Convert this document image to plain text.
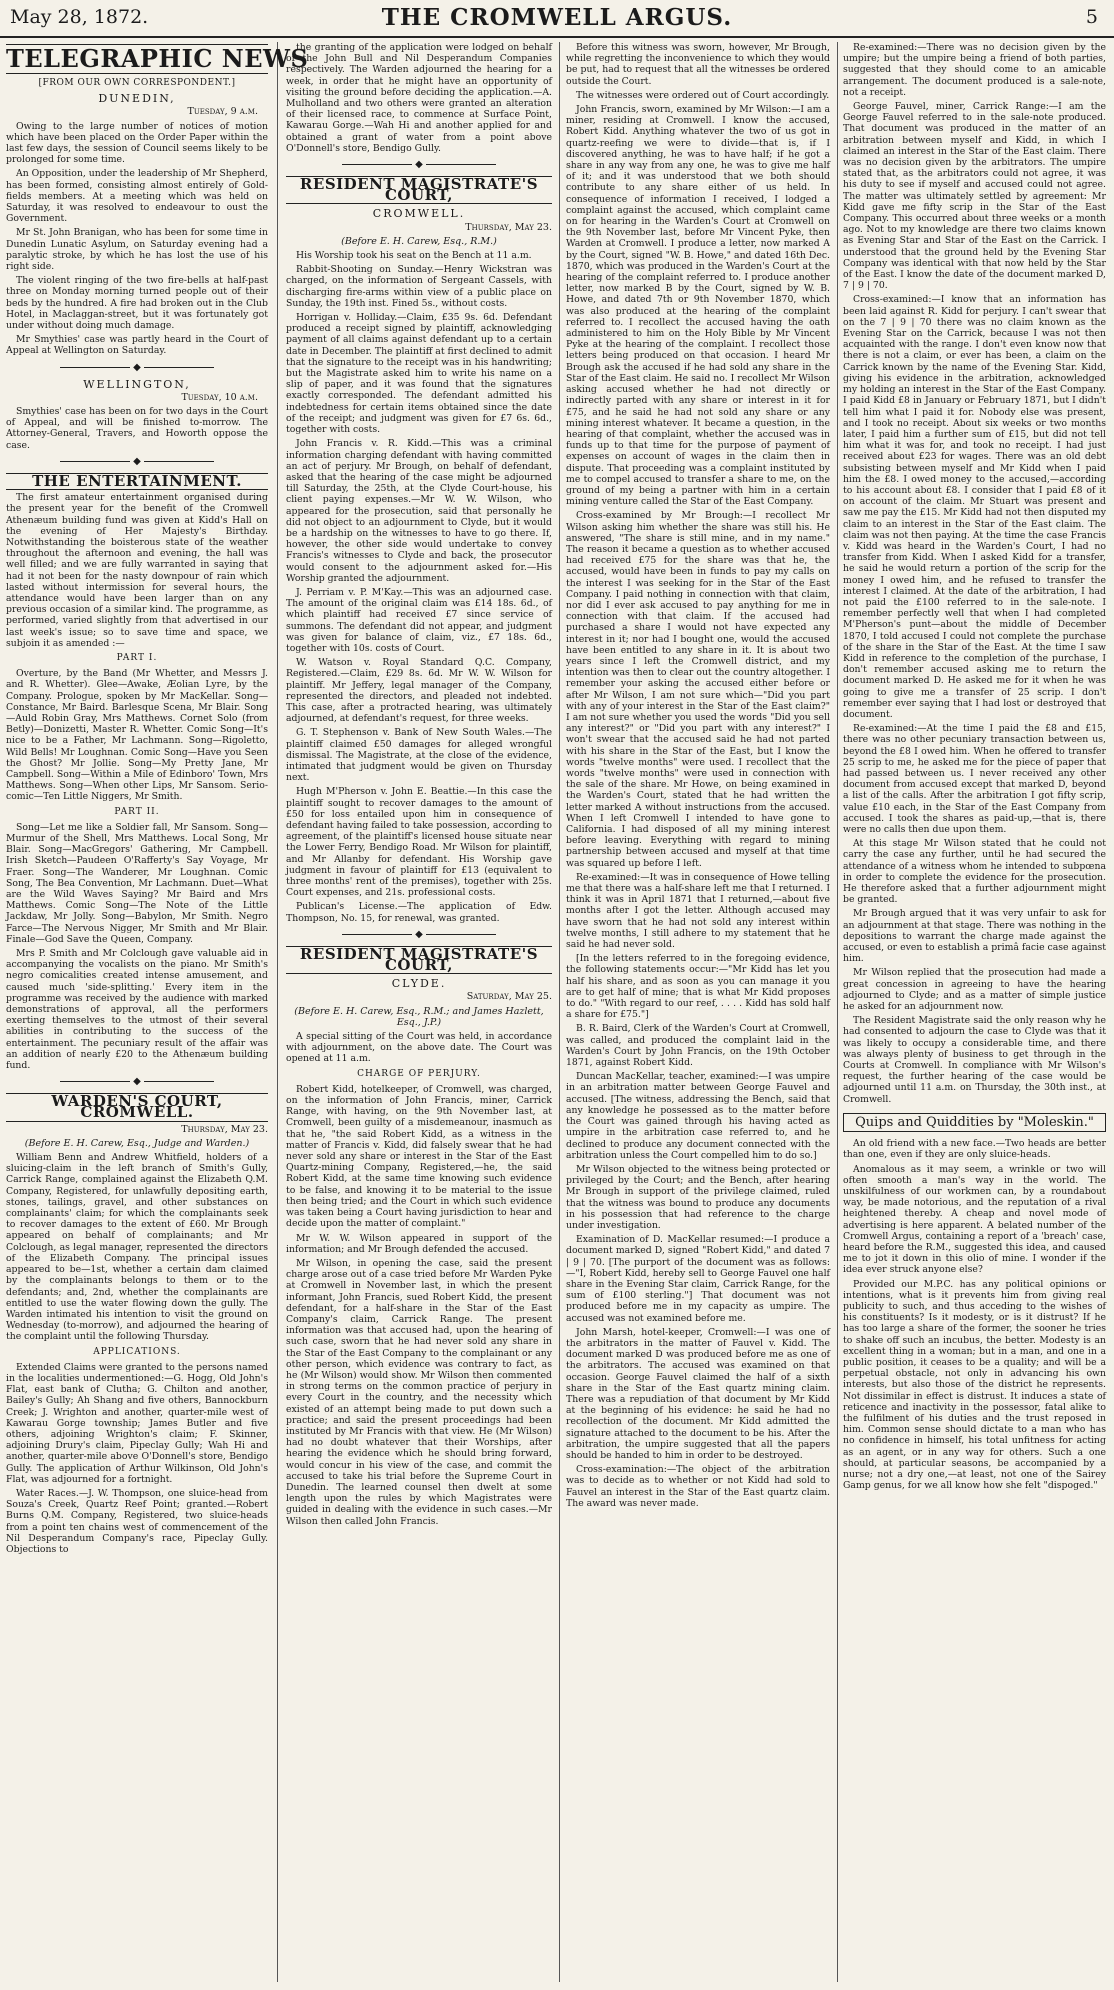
May 28, 1872.	THE CROMWELL ARGUS.	5
TELEGRAPHIC NEWS
[FROM OUR OWN CORRESPONDENT.]
DUNEDIN,
Tuesday, 9 a.m.

Owing to the large number of notices of motion which have been placed on the Order Paper within the last few days, the session of Council seems likely to be prolonged for some time.

An Opposition, under the leadership of Mr Shepherd, has been formed, consisting almost entirely of Gold-fields members. At a meeting which was held on Saturday, it was resolved to endeavour to oust the Government.

Mr St. John Branigan, who has been for some time in Dunedin Lunatic Asylum, on Saturday evening had a paralytic stroke, by which he has lost the use of his right side.

The violent ringing of the two fire-bells at half-past three on Monday morning turned people out of their beds by the hundred. A fire had broken out in the Club Hotel, in Maclaggan-street, but it was fortunately got under without doing much damage.

Mr Smythies' case was partly heard in the Court of Appeal at Wellington on Saturday.

◆
WELLINGTON,
Tuesday, 10 a.m.

Smythies' case has been on for two days in the Court of Appeal, and will be finished to-morrow. The Attorney-General, Travers, and Howorth oppose the case.

◆
THE ENTERTAINMENT.

The first amateur entertainment organised during the present year for the benefit of the Cromwell Athenæum building fund was given at Kidd's Hall on the evening of Her Majesty's Birthday. Notwithstanding the boisterous state of the weather throughout the afternoon and evening, the hall was well filled; and we are fully warranted in saying that had it not been for the nasty downpour of rain which lasted without intermission for several hours, the attendance would have been larger than on any previous occasion of a similar kind. The programme, as performed, varied slightly from that advertised in our last week's issue; so to save time and space, we subjoin it as amended :—

PART I.

Overture, by the Band (Mr Whetter, and Messrs J. and R. Whetter). Glee—Awake, Æolian Lyre, by the Company. Prologue, spoken by Mr MacKellar. Song—Constance, Mr Baird. Barlesque Scena, Mr Blair. Song—Auld Robin Gray, Mrs Matthews. Cornet Solo (from Betly)—Donizetti, Master R. Whetter. Comic Song—It's nice to be a Father, Mr Lachmann. Song—Rigoletto, Wild Bells! Mr Loughnan. Comic Song—Have you Seen the Ghost? Mr Jollie. Song—My Pretty Jane, Mr Campbell. Song—Within a Mile of Edinboro' Town, Mrs Matthews. Song—When other Lips, Mr Sansom. Serio-comic—Ten Little Niggers, Mr Smith.

PART II.

Song—Let me like a Soldier fall, Mr Sansom. Song—Murmur of the Shell, Mrs Matthews. Local Song, Mr Blair. Song—MacGregors' Gathering, Mr Campbell. Irish Sketch—Paudeen O'Rafferty's Say Voyage, Mr Fraer. Song—The Wanderer, Mr Loughnan. Comic Song, The Bea Convention, Mr Lachmann. Duet—What are the Wild Waves Saying? Mr Baird and Mrs Matthews. Comic Song—The Note of the Little Jackdaw, Mr Jolly. Song—Babylon, Mr Smith. Negro Farce—The Nervous Nigger, Mr Smith and Mr Blair. Finale—God Save the Queen, Company.

Mrs P. Smith and Mr Colclough gave valuable aid in accompanying the vocalists on the piano. Mr Smith's negro comicalities created intense amusement, and caused much 'side-splitting.' Every item in the programme was received by the audience with marked demonstrations of approval, all the performers exerting themselves to the utmost of their several abilities in contributing to the success of the entertainment. The pecuniary result of the affair was an addition of nearly £20 to the Athenæum building fund.

◆
WARDEN'S COURT, CROMWELL.
Thursday, May 23.
(Before E. H. Carew, Esq., Judge and Warden.)

William Benn and Andrew Whitfield, holders of a sluicing-claim in the left branch of Smith's Gully, Carrick Range, complained against the Elizabeth Q.M. Company, Registered, for unlawfully depositing earth, stones, tailings, gravel, and other substances on complainants' claim; for which the complainants seek to recover damages to the extent of £60. Mr Brough appeared on behalf of complainants; and Mr Colclough, as legal manager, represented the directors of the Elizabeth Company. The principal issues appeared to be—1st, whether a certain dam claimed by the complainants belongs to them or to the defendants; and, 2nd, whether the complainants are entitled to use the water flowing down the gully. The Warden intimated his intention to visit the ground on Wednesday (to-morrow), and adjourned the hearing of the complaint until the following Thursday.

APPLICATIONS.

Extended Claims were granted to the persons named in the localities undermentioned:—G. Hogg, Old John's Flat, east bank of Clutha; G. Chilton and another, Bailey's Gully; Ah Shang and five others, Bannockburn Creek; J. Wrighton and another, quarter-mile west of Kawarau Gorge township; James Butler and five others, adjoining Wrighton's claim; F. Skinner, adjoining Drury's claim, Pipeclay Gully; Wah Hi and another, quarter-mile above O'Donnell's store, Bendigo Gully. The application of Arthur Wilkinson, Old John's Flat, was adjourned for a fortnight.

Water Races.—J. W. Thompson, one sluice-head from Souza's Creek, Quartz Reef Point; granted.—Robert Burns Q.M. Company, Registered, two sluice-heads from a point ten chains west of commencement of the Nil Desperandum Company's race, Pipeclay Gully. Objections to

the granting of the application were lodged on behalf of the John Bull and Nil Desperandum Companies respectively. The Warden adjourned the hearing for a week, in order that he might have an opportunity of visiting the ground before deciding the application.—A. Mulholland and two others were granted an alteration of their licensed race, to commence at Surface Point, Kawarau Gorge.—Wah Hi and another applied for and obtained a grant of water from a point above O'Donnell's store, Bendigo Gully.

◆
RESIDENT MAGISTRATE'S COURT,
CROMWELL.
Thursday, May 23.
(Before E. H. Carew, Esq., R.M.)

His Worship took his seat on the Bench at 11 a.m.

Rabbit-Shooting on Sunday.—Henry Wickstran was charged, on the information of Sergeant Cassels, with discharging fire-arms within view of a public place on Sunday, the 19th inst. Fined 5s., without costs.

Horrigan v. Holliday.—Claim, £35 9s. 6d. Defendant produced a receipt signed by plaintiff, acknowledging payment of all claims against defendant up to a certain date in December. The plaintiff at first declined to admit that the signature to the receipt was in his handwriting; but the Magistrate asked him to write his name on a slip of paper, and it was found that the signatures exactly corresponded. The defendant admitted his indebtedness for certain items obtained since the date of the receipt; and judgment was given for £7 6s. 6d., together with costs.

John Francis v. R. Kidd.—This was a criminal information charging defendant with having committed an act of perjury. Mr Brough, on behalf of defendant, asked that the hearing of the case might be adjourned till Saturday, the 25th, at the Clyde Court-house, his client paying expenses.—Mr W. W. Wilson, who appeared for the prosecution, said that personally he did not object to an adjournment to Clyde, but it would be a hardship on the witnesses to have to go there. If, however, the other side would undertake to convey Francis's witnesses to Clyde and back, the prosecutor would consent to the adjournment asked for.—His Worship granted the adjournment.

J. Perriam v. P. M'Kay.—This was an adjourned case. The amount of the original claim was £14 18s. 6d., of which plaintiff had received £7 since service of summons. The defendant did not appear, and judgment was given for balance of claim, viz., £7 18s. 6d., together with 10s. costs of Court.

W. Watson v. Royal Standard Q.C. Company, Registered.—Claim, £29 8s. 6d. Mr W. W. Wilson for plaintiff. Mr Jeffery, legal manager of the Company, represented the directors, and pleaded not indebted. This case, after a protracted hearing, was ultimately adjourned, at defendant's request, for three weeks.

G. T. Stephenson v. Bank of New South Wales.—The plaintiff claimed £50 damages for alleged wrongful dismissal. The Magistrate, at the close of the evidence, intimated that judgment would be given on Thursday next.

Hugh M'Pherson v. John E. Beattie.—In this case the plaintiff sought to recover damages to the amount of £50 for loss entailed upon him in consequence of defendant having failed to take possession, according to agreement, of the plaintiff's licensed house situate near the Lower Ferry, Bendigo Road. Mr Wilson for plaintiff, and Mr Allanby for defendant. His Worship gave judgment in favour of plaintiff for £13 (equivalent to three months' rent of the premises), together with 25s. Court expenses, and 21s. professional costs.

Publican's License.—The application of Edw. Thompson, No. 15, for renewal, was granted.

◆
RESIDENT MAGISTRATE'S COURT,
CLYDE.
Saturday, May 25.
(Before E. H. Carew, Esq., R.M.; and James Hazlett, Esq., J.P.)

A special sitting of the Court was held, in accordance with adjournment, on the above date. The Court was opened at 11 a.m.

CHARGE OF PERJURY.

Robert Kidd, hotelkeeper, of Cromwell, was charged, on the information of John Francis, miner, Carrick Range, with having, on the 9th November last, at Cromwell, been guilty of a misdemeanour, inasmuch as that he, "the said Robert Kidd, as a witness in the matter of Francis v. Kidd, did falsely swear that he had never sold any share or interest in the Star of the East Quartz-mining Company, Registered,—he, the said Robert Kidd, at the same time knowing such evidence to be false, and knowing it to be material to the issue then being tried; and the Court in which such evidence was taken being a Court having jurisdiction to hear and decide upon the matter of complaint."

Mr W. W. Wilson appeared in support of the information; and Mr Brough defended the accused.

Mr Wilson, in opening the case, said the present charge arose out of a case tried before Mr Warden Pyke at Cromwell in November last, in which the present informant, John Francis, sued Robert Kidd, the present defendant, for a half-share in the Star of the East Company's claim, Carrick Range. The present information was that accused had, upon the hearing of such case, sworn that he had never sold any share in the Star of the East Company to the complainant or any other person, which evidence was contrary to fact, as he (Mr Wilson) would show. Mr Wilson then commented in strong terms on the common practice of perjury in every Court in the country, and the necessity which existed of an attempt being made to put down such a practice; and said the present proceedings had been instituted by Mr Francis with that view. He (Mr Wilson) had no doubt whatever that their Worships, after hearing the evidence which he should bring forward, would concur in his view of the case, and commit the accused to take his trial before the Supreme Court in Dunedin. The learned counsel then dwelt at some length upon the rules by which Magistrates were guided in dealing with the evidence in such cases.—Mr Wilson then called John Francis.

Before this witness was sworn, however, Mr Brough, while regretting the inconvenience to which they would be put, had to request that all the witnesses be ordered outside the Court.

The witnesses were ordered out of Court accordingly.

John Francis, sworn, examined by Mr Wilson:—I am a miner, residing at Cromwell. I know the accused, Robert Kidd. Anything whatever the two of us got in quartz-reefing we were to divide—that is, if I discovered anything, he was to have half; if he got a share in any way from any one, he was to give me half of it; and it was understood that we both should contribute to any share either of us held. In consequence of information I received, I lodged a complaint against the accused, which complaint came on for hearing in the Warden's Court at Cromwell on the 9th November last, before Mr Vincent Pyke, then Warden at Cromwell. I produce a letter, now marked A by the Court, signed "W. B. Howe," and dated 16th Dec. 1870, which was produced in the Warden's Court at the hearing of the complaint referred to. I produce another letter, now marked B by the Court, signed by W. B. Howe, and dated 7th or 9th November 1870, which was also produced at the hearing of the complaint referred to. I recollect the accused having the oath administered to him on the Holy Bible by Mr Vincent Pyke at the hearing of the complaint. I recollect those letters being produced on that occasion. I heard Mr Brough ask the accused if he had sold any share in the Star of the East claim. He said no. I recollect Mr Wilson asking accused whether he had not directly or indirectly parted with any share or interest in it for £75, and he said he had not sold any share or any mining interest whatever. It became a question, in the hearing of that complaint, whether the accused was in funds up to that time for the purpose of payment of expenses on account of wages in the claim then in dispute. That proceeding was a complaint instituted by me to compel accused to transfer a share to me, on the ground of my being a partner with him in a certain mining venture called the Star of the East Company.

Cross-examined by Mr Brough:—I recollect Mr Wilson asking him whether the share was still his. He answered, "The share is still mine, and in my name." The reason it became a question as to whether accused had received £75 for the share was that he, the accused, would have been in funds to pay my calls on the interest I was seeking for in the Star of the East Company. I paid nothing in connection with that claim, nor did I ever ask accused to pay anything for me in connection with that claim. If the accused had purchased a share I would not have expected any interest in it; nor had I bought one, would the accused have been entitled to any share in it. It is about two years since I left the Cromwell district, and my intention was then to clear out the country altogether. I remember your asking the accused either before or after Mr Wilson, I am not sure which—"Did you part with any of your interest in the Star of the East claim?" I am not sure whether you used the words "Did you sell any interest?" or "Did you part with any interest?" I won't swear that the accused said he had not parted with his share in the Star of the East, but I know the words "twelve months" were used. I recollect that the words "twelve months" were used in connection with the sale of the share. Mr Howe, on being examined in the Warden's Court, stated that he had written the letter marked A without instructions from the accused. When I left Cromwell I intended to have gone to California. I had disposed of all my mining interest before leaving. Everything with regard to mining partnership between accused and myself at that time was squared up before I left.

Re-examined:—It was in consequence of Howe telling me that there was a half-share left me that I returned. I think it was in April 1871 that I returned,—about five months after I got the letter. Although accused may have sworn that he had not sold any interest within twelve months, I still adhere to my statement that he said he had never sold.

[In the letters referred to in the foregoing evidence, the following statements occur:—"Mr Kidd has let you half his share, and as soon as you can manage it you are to get half of mine; that is what Mr Kidd proposes to do." "With regard to our reef, . . . . Kidd has sold half a share for £75."]

B. R. Baird, Clerk of the Warden's Court at Cromwell, was called, and produced the complaint laid in the Warden's Court by John Francis, on the 19th October 1871, against Robert Kidd.

Duncan MacKellar, teacher, examined:—I was umpire in an arbitration matter between George Fauvel and accused. [The witness, addressing the Bench, said that any knowledge he possessed as to the matter before the Court was gained through his having acted as umpire in the arbitration case referred to, and he declined to produce any document connected with the arbitration unless the Court compelled him to do so.]

Mr Wilson objected to the witness being protected or privileged by the Court; and the Bench, after hearing Mr Brough in support of the privilege claimed, ruled that the witness was bound to produce any documents in his possession that had reference to the charge under investigation.

Examination of D. MacKellar resumed:—I produce a document marked D, signed "Robert Kidd," and dated 7 | 9 | 70. [The purport of the document was as follows:—"I, Robert Kidd, hereby sell to George Fauvel one half share in the Evening Star claim, Carrick Range, for the sum of £100 sterling."] That document was not produced before me in my capacity as umpire. The accused was not examined before me.

John Marsh, hotel-keeper, Cromwell:—I was one of the arbitrators in the matter of Fauvel v. Kidd. The document marked D was produced before me as one of the arbitrators. The accused was examined on that occasion. George Fauvel claimed the half of a sixth share in the Star of the East quartz mining claim. There was a repudiation of that document by Mr Kidd at the beginning of his evidence: he said he had no recollection of the document. Mr Kidd admitted the signature attached to the document to be his. After the arbitration, the umpire suggested that all the papers should be handed to him in order to be destroyed.

Cross-examination:—The object of the arbitration was to decide as to whether or not Kidd had sold to Fauvel an interest in the Star of the East quartz claim. The award was never made.

Re-examined:—There was no decision given by the umpire; but the umpire being a friend of both parties, suggested that they should come to an amicable arrangement. The document produced is a sale-note, not a receipt.

George Fauvel, miner, Carrick Range:—I am the George Fauvel referred to in the sale-note produced. That document was produced in the matter of an arbitration between myself and Kidd, in which I claimed an interest in the Star of the East claim. There was no decision given by the arbitrators. The umpire stated that, as the arbitrators could not agree, it was his duty to see if myself and accused could not agree. The matter was ultimately settled by agreement: Mr Kidd gave me fifty scrip in the Star of the East Company. This occurred about three weeks or a month ago. Not to my knowledge are there two claims known as Evening Star and Star of the East on the Carrick. I understood that the ground held by the Evening Star Company was identical with that now held by the Star of the East. I know the date of the document marked D, 7 | 9 | 70.

Cross-examined:—I know that an information has been laid against R. Kidd for perjury. I can't swear that on the 7 | 9 | 70 there was no claim known as the Evening Star on the Carrick, because I was not then acquainted with the range. I don't even know now that there is not a claim, or ever has been, a claim on the Carrick known by the name of the Evening Star. Kidd, giving his evidence in the arbitration, acknowledged my holding an interest in the Star of the East Company. I paid Kidd £8 in January or February 1871, but I didn't tell him what I paid it for. Nobody else was present, and I took no receipt. About six weeks or two months later, I paid him a further sum of £15, but did not tell him what it was for, and took no receipt. I had just received about £23 for wages. There was an old debt subsisting between myself and Mr Kidd when I paid him the £8. I owed money to the accused,—according to his account about £8. I consider that I paid £8 of it on account of the claim. Mr Stuart was present and saw me pay the £15. Mr Kidd had not then disputed my claim to an interest in the Star of the East claim. The claim was not then paying. At the time the case Francis v. Kidd was heard in the Warden's Court, I had no transfer from Kidd. When I asked Kidd for a transfer, he said he would return a portion of the scrip for the money I owed him, and he refused to transfer the interest I claimed. At the date of the arbitration, I had not paid the £100 referred to in the sale-note. I remember perfectly well that when I had completed M'Pherson's punt—about the middle of December 1870, I told accused I could not complete the purchase of the share in the Star of the East. At the time I saw Kidd in reference to the completion of the purchase, I don't remember accused asking me to return the document marked D. He asked me for it when he was going to give me a transfer of 25 scrip. I don't remember ever saying that I had lost or destroyed that document.

Re-examined:—At the time I paid the £8 and £15, there was no other pecuniary transaction between us, beyond the £8 I owed him. When he offered to transfer 25 scrip to me, he asked me for the piece of paper that had passed between us. I never received any other document from accused except that marked D, beyond a list of the calls. After the arbitration I got fifty scrip, value £10 each, in the Star of the East Company from accused. I took the shares as paid-up,—that is, there were no calls then due upon them.

At this stage Mr Wilson stated that he could not carry the case any further, until he had secured the attendance of a witness whom he intended to subpœna in order to complete the evidence for the prosecution. He therefore asked that a further adjournment might be granted.

Mr Brough argued that it was very unfair to ask for an adjournment at that stage. There was nothing in the depositions to warrant the charge made against the accused, or even to establish a primâ facie case against him.

Mr Wilson replied that the prosecution had made a great concession in agreeing to have the hearing adjourned to Clyde; and as a matter of simple justice he asked for an adjournment now.

The Resident Magistrate said the only reason why he had consented to adjourn the case to Clyde was that it was likely to occupy a considerable time, and there was always plenty of business to get through in the Courts at Cromwell. In compliance with Mr Wilson's request, the further hearing of the case would be adjourned until 11 a.m. on Thursday, the 30th inst., at Cromwell.

Quips and Quiddities by "Moleskin."

An old friend with a new face.—Two heads are better than one, even if they are only sluice-heads.

Anomalous as it may seem, a wrinkle or two will often smooth a man's way in the world. The unskilfulness of our workmen can, by a roundabout way, be made notorious, and the reputation of a rival heightened thereby. A cheap and novel mode of advertising is here apparent. A belated number of the Cromwell Argus, containing a report of a 'breach' case, heard before the R.M., suggested this idea, and caused me to jot it down in this olio of mine. I wonder if the idea ever struck anyone else?

Provided our M.P.C. has any political opinions or intentions, what is it prevents him from giving real publicity to such, and thus acceding to the wishes of his constituents? Is it modesty, or is it distrust? If he has too large a share of the former, the sooner he tries to shake off such an incubus, the better. Modesty is an excellent thing in a woman; but in a man, and one in a public position, it ceases to be a quality; and will be a perpetual obstacle, not only in advancing his own interests, but also those of the district he represents. Not dissimilar in effect is distrust. It induces a state of reticence and inactivity in the possessor, fatal alike to the fulfilment of his duties and the trust reposed in him. Common sense should dictate to a man who has no confidence in himself, his total unfitness for acting as an agent, or in any way for others. Such a one should, at particular seasons, be accompanied by a nurse; not a dry one,—at least, not one of the Sairey Gamp genus, for we all know how she felt "dispoged."
